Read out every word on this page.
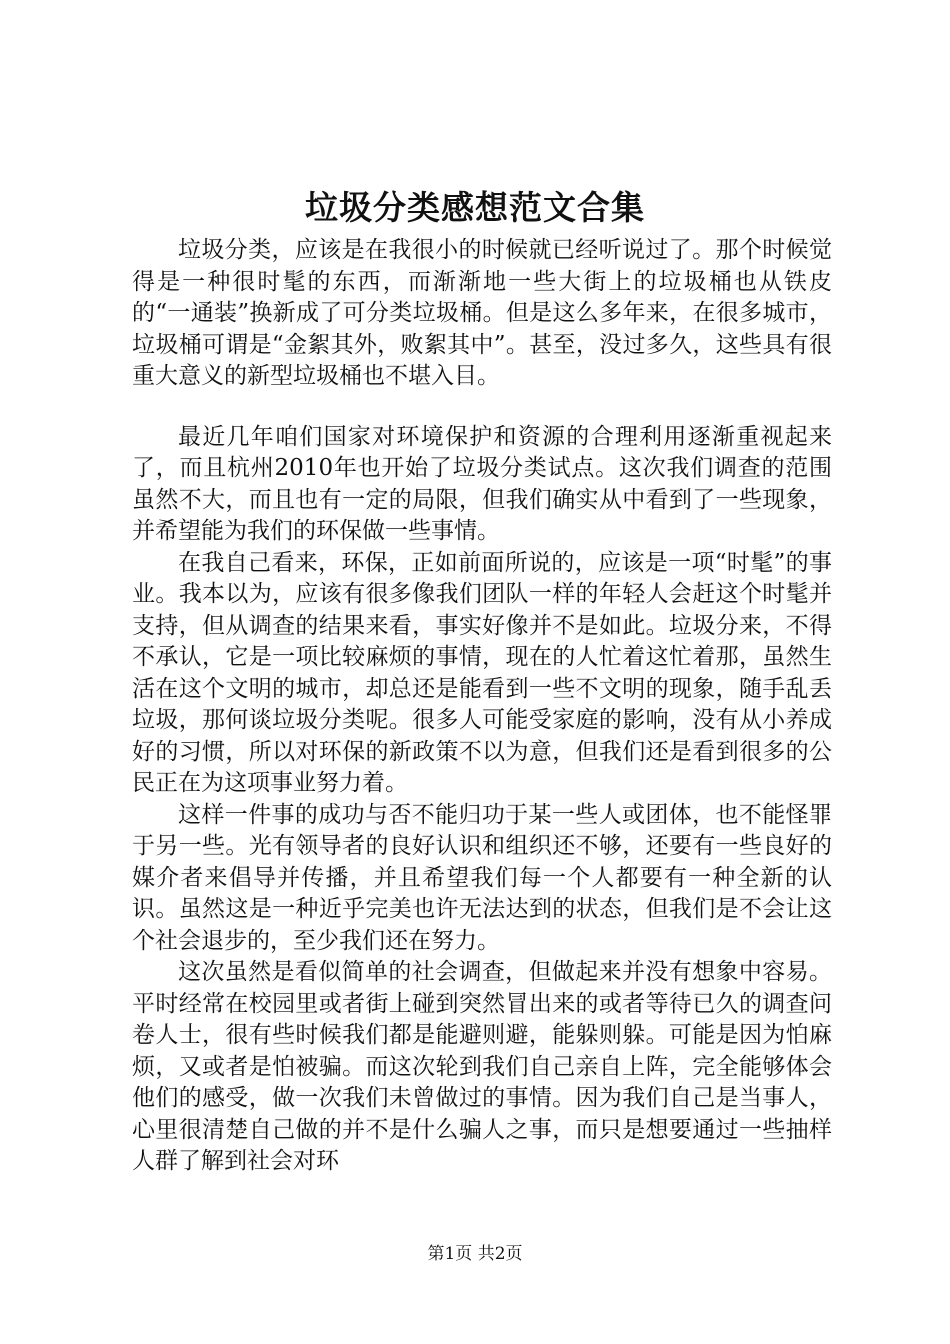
垃圾分类感想范文合集

垃圾分类，应该是在我很小的时候就已经听说过了。那个时候觉得是一种很时髦的东西，而渐渐地一些大街上的垃圾桶也从铁皮的“一通装”换新成了可分类垃圾桶。但是这么多年来，在很多城市，垃圾桶可谓是“金絮其外，败絮其中”。甚至，没过多久，这些具有很重大意义的新型垃圾桶也不堪入目。

最近几年咱们国家对环境保护和资源的合理利用逐渐重视起来了，而且杭州2010年也开始了垃圾分类试点。这次我们调查的范围虽然不大，而且也有一定的局限，但我们确实从中看到了一些现象，并希望能为我们的环保做一些事情。

在我自己看来，环保，正如前面所说的，应该是一项“时髦”的事业。我本以为，应该有很多像我们团队一样的年轻人会赶这个时髦并支持，但从调查的结果来看，事实好像并不是如此。垃圾分来，不得不承认，它是一项比较麻烦的事情，现在的人忙着这忙着那，虽然生活在这个文明的城市，却总还是能看到一些不文明的现象，随手乱丢垃圾，那何谈垃圾分类呢。很多人可能受家庭的影响，没有从小养成好的习惯，所以对环保的新政策不以为意，但我们还是看到很多的公民正在为这项事业努力着。

这样一件事的成功与否不能归功于某一些人或团体，也不能怪罪于另一些。光有领导者的良好认识和组织还不够，还要有一些良好的媒介者来倡导并传播，并且希望我们每一个人都要有一种全新的认识。虽然这是一种近乎完美也许无法达到的状态，但我们是不会让这个社会退步的，至少我们还在努力。

这次虽然是看似简单的社会调查，但做起来并没有想象中容易。平时经常在校园里或者街上碰到突然冒出来的或者等待已久的调查问卷人士，很有些时候我们都是能避则避，能躲则躲。可能是因为怕麻烦，又或者是怕被骗。而这次轮到我们自己亲自上阵，完全能够体会他们的感受，做一次我们未曾做过的事情。因为我们自己是当事人，心里很清楚自己做的并不是什么骗人之事，而只是想要通过一些抽样人群了解到社会对环

第1页 共2页
